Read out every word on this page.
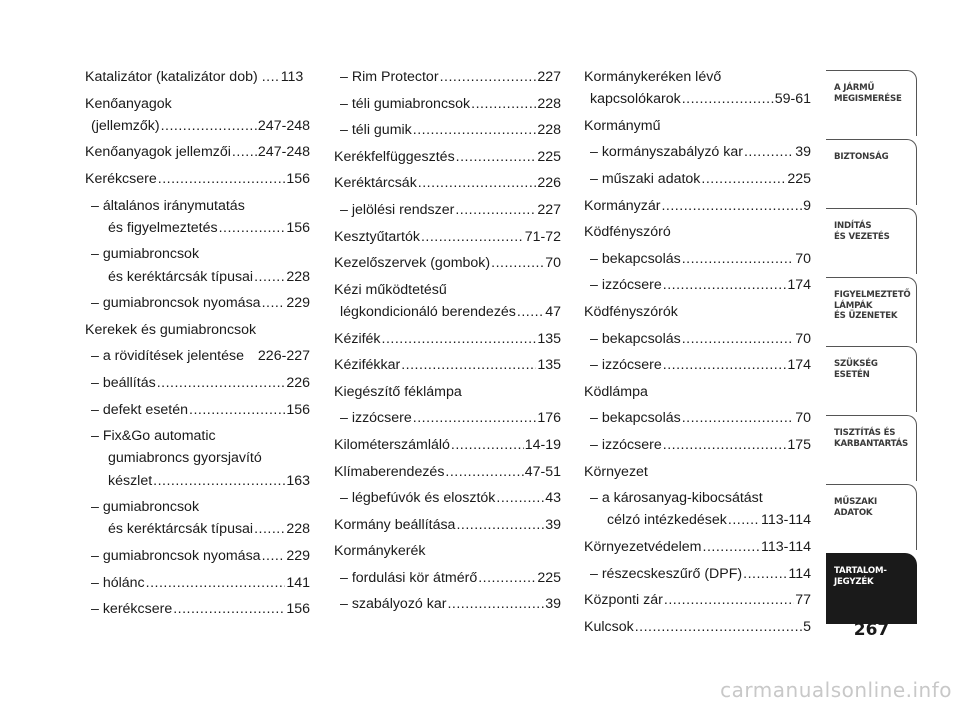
Katalizátor (katalizátor dob) ..... 113
Kenőanyagok
(jellemzők) .....	247-248
Kenőanyagok jellemzői ..... 247-248
Kerékcsere .....	156
– általános iránymutatás
és figyelmeztetés .....	156
– gumiabroncsok
és keréktárcsák típusai ..... 228
– gumiabroncsok nyomása ..... 229
Kerekek és gumiabroncsok
– a rövidítések jelentése 226-227
– beállítás .....	226
– defekt esetén .....	156
– Fix&Go automatic
gumiabroncs gyorsjavító
készlet .....	163
– gumiabroncsok
és keréktárcsák típusai ..... 228
– gumiabroncsok nyomása ..... 229
– hólánc .....	141
– kerékcsere .....	156
– Rim Protector .....	227
– téli gumiabroncsok .....	228
– téli gumik .....	228
Kerékfelfüggesztés .....	225
Keréktárcsák .....	226
– jelölési rendszer .....	227
Kesztyűtartók .....	71-72
Kezelőszervek (gombok) .....	70
Kézi működtetésű
légkondicionáló berendezés ..... 47
Kézifék .....	135
Kézifékkar .....	135
Kiegészítő féklámpa
– izzócsere .....	176
Kilométerszámláló .....	14-19
Klímaberendezés .....	47-51
– légbefúvók és elosztók .....	43
Kormány beállítása .....	39
Kormánykerék
– fordulási kör átmérő .....	225
– szabályozó kar .....	39
Kormánykeréken lévő
kapcsolókarok .....	59-61
Kormánymű
– kormányszabályzó kar .....	39
– műszaki adatok .....	225
Kormányzár .....	9
Ködfényszóró
– bekapcsolás .....	70
– izzócsere .....	174
Ködfényszórók
– bekapcsolás .....	70
– izzócsere .....	174
Ködlámpa
– bekapcsolás .....	70
– izzócsere .....	175
Környezet
– a károsanyag-kibocsátást
célzó intézkedések ..... 113-114
Környezetvédelem .....	113-114
– részecskeszűrő (DPF) .....	114
Központi zár .....	77
Kulcsok .....	5
A JÁRMŰ
MEGISMERÉSE
BIZTONSÁG
INDÍTÁS
ÉS VEZETÉS
FIGYELMEZTETŐ
LÁMPÁK
ÉS ÜZENETEK
SZÜKSÉG
ESETÉN
TISZTÍTÁS ÉS
KARBANTARTÁS
MŰSZAKI
ADATOK
TARTALOM-
JEGYZÉK
267
carmanualsonline.info
